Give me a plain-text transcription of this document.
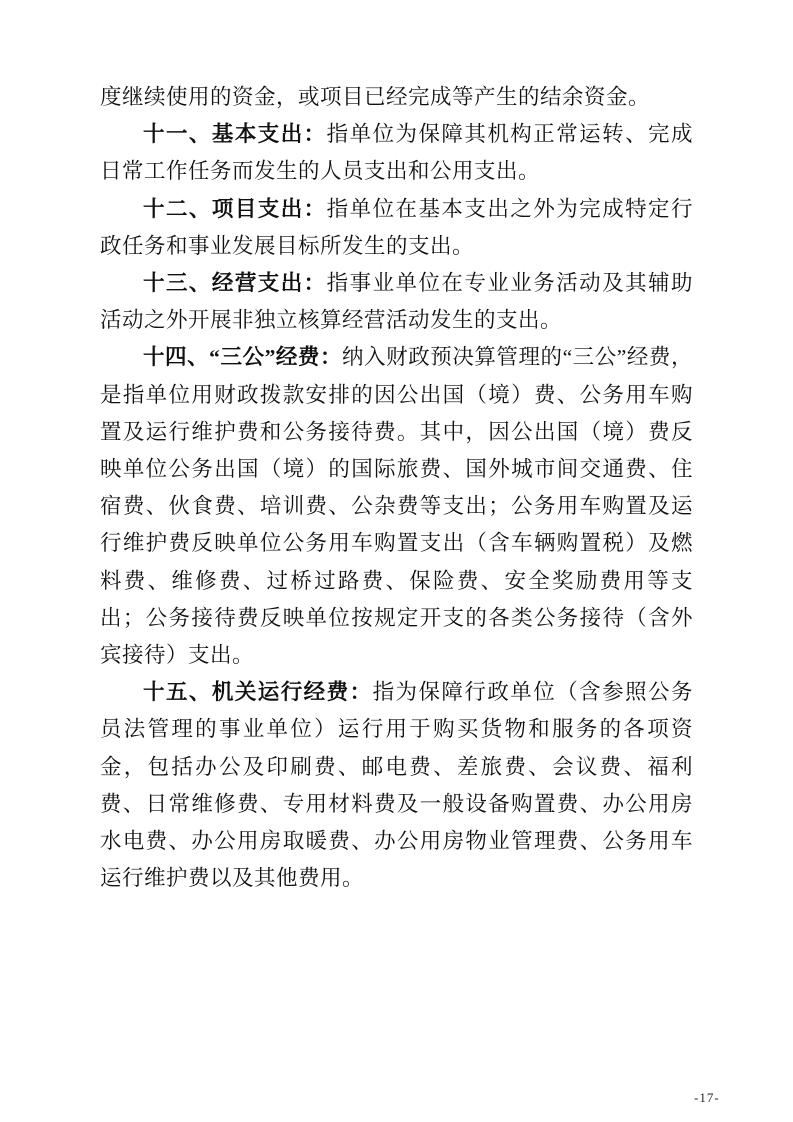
度继续使用的资金，或项目已经完成等产生的结余资金。

十一、基本支出：指单位为保障其机构正常运转、完成日常工作任务而发生的人员支出和公用支出。

十二、项目支出：指单位在基本支出之外为完成特定行政任务和事业发展目标所发生的支出。

十三、经营支出：指事业单位在专业业务活动及其辅助活动之外开展非独立核算经营活动发生的支出。

十四、“三公”经费：纳入财政预决算管理的“三公”经费，是指单位用财政拨款安排的因公出国（境）费、公务用车购置及运行维护费和公务接待费。其中，因公出国（境）费反映单位公务出国（境）的国际旅费、国外城市间交通费、住宿费、伙食费、培训费、公杂费等支出；公务用车购置及运行维护费反映单位公务用车购置支出（含车辆购置税）及燃料费、维修费、过桥过路费、保险费、安全奖励费用等支出；公务接待费反映单位按规定开支的各类公务接待（含外宾接待）支出。

十五、机关运行经费：指为保障行政单位（含参照公务员法管理的事业单位）运行用于购买货物和服务的各项资金，包括办公及印刷费、邮电费、差旅费、会议费、福利费、日常维修费、专用材料费及一般设备购置费、办公用房水电费、办公用房取暖费、办公用房物业管理费、公务用车运行维护费以及其他费用。

-17-
